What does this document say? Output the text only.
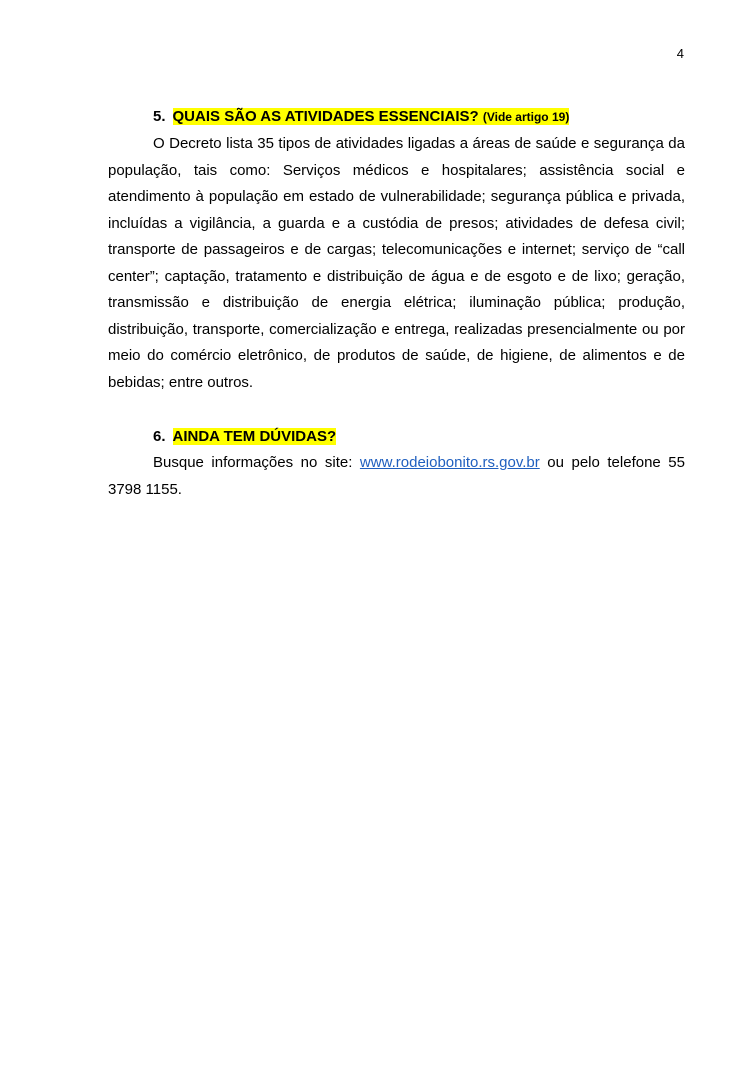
4

5. QUAIS SÃO AS ATIVIDADES ESSENCIAIS? (Vide artigo 19)

O Decreto lista 35 tipos de atividades ligadas a áreas de saúde e segurança da população, tais como: Serviços médicos e hospitalares; assistência social e atendimento à população em estado de vulnerabilidade; segurança pública e privada, incluídas a vigilância, a guarda e a custódia de presos; atividades de defesa civil; transporte de passageiros e de cargas; telecomunicações e internet; serviço de “call center”; captação, tratamento e distribuição de água e de esgoto e de lixo; geração, transmissão e distribuição de energia elétrica; iluminação pública; produção, distribuição, transporte, comercialização e entrega, realizadas presencialmente ou por meio do comércio eletrônico, de produtos de saúde, de higiene, de alimentos e de bebidas; entre outros.

6. AINDA TEM DÚVIDAS?

Busque informações no site: www.rodeiobonito.rs.gov.br ou pelo telefone 55 3798 1155.
